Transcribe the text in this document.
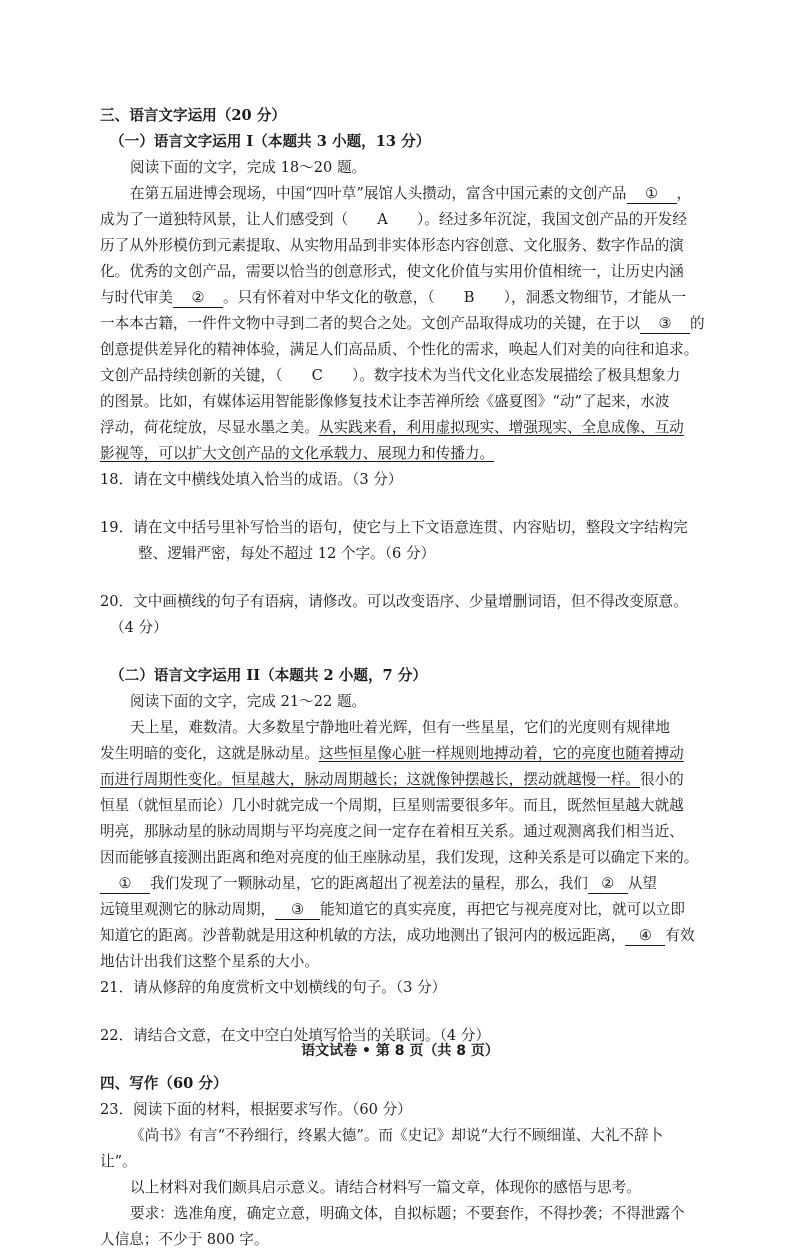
三、语言文字运用（20 分）
（一）语言文字运用 I（本题共 3 小题，13 分）
阅读下面的文字，完成 18～20 题。
在第五届进博会现场，中国“四叶草”展馆人头攒动，富含中国元素的文创产品 ① ，
成为了一道独特风景，让人们感受到（　　A　　）。经过多年沉淀，我国文创产品的开发经
历了从外形模仿到元素提取、从实物用品到非实体形态内容创意、文化服务、数字作品的演
化。优秀的文创产品，需要以恰当的创意形式，使文化价值与实用价值相统一，让历史内涵
与时代审美 ② 。只有怀着对中华文化的敬意，（　　B　　），洞悉文物细节，才能从一
一本本古籍，一件件文物中寻到二者的契合之处。文创产品取得成功的关键，在于以 ③ 的
创意提供差异化的精神体验，满足人们高品质、个性化的需求，唤起人们对美的向往和追求。
文创产品持续创新的关键，（　　C　　）。数字技术为当代文化业态发展描绘了极具想象力
的图景。比如，有媒体运用智能影像修复技术让李苦禅所绘《盛夏图》“动”了起来，水波
浮动，荷花绽放，尽显水墨之美。从实践来看，利用虚拟现实、增强现实、全息成像、互动
影视等，可以扩大文创产品的文化承载力、展现力和传播力。
18．请在文中横线处填入恰当的成语。（3 分）
19．请在文中括号里补写恰当的语句，使它与上下文语意连贯、内容贴切，整段文字结构完
整、逻辑严密，每处不超过 12 个字。（6 分）
20．文中画横线的句子有语病，请修改。可以改变语序、少量增删词语，但不得改变原意。
（4 分）
（二）语言文字运用 II（本题共 2 小题，7 分）
阅读下面的文字，完成 21～22 题。
天上星，难数清。大多数星宁静地吐着光辉，但有一些星星，它们的光度则有规律地
发生明暗的变化，这就是脉动星。这些恒星像心脏一样规则地搏动着，它的亮度也随着搏动
而进行周期性变化。恒星越大，脉动周期越长；这就像钟摆越长，摆动就越慢一样。很小的
恒星（就恒星而论）几小时就完成一个周期，巨星则需要很多年。而且，既然恒星越大就越
明亮，那脉动星的脉动周期与平均亮度之间一定存在着相互关系。通过观测离我们相当近、
因而能够直接测出距离和绝对亮度的仙王座脉动星，我们发现，这种关系是可以确定下来的。
① 我们发现了一颗脉动星，它的距离超出了视差法的量程，那么，我们 ② 从望
远镜里观测它的脉动周期， ③ 能知道它的真实亮度，再把它与视亮度对比，就可以立即
知道它的距离。沙普勒就是用这种机敏的方法，成功地测出了银河内的极远距离， ④ 有效
地估计出我们这整个星系的大小。
21．请从修辞的角度赏析文中划横线的句子。（3 分）
22．请结合文意，在文中空白处填写恰当的关联词。（4 分）
四、写作（60 分）
23．阅读下面的材料，根据要求写作。（60 分）
《尚书》有言“不矜细行，终累大德”。而《史记》却说“大行不顾细谨、大礼不辞卜
让”。
以上材料对我们颇具启示意义。请结合材料写一篇文章，体现你的感悟与思考。
要求：选准角度，确定立意，明确文体，自拟标题；不要套作，不得抄袭；不得泄露个
人信息；不少于 800 字。
语文试卷 • 第 8 页（共 8 页）
